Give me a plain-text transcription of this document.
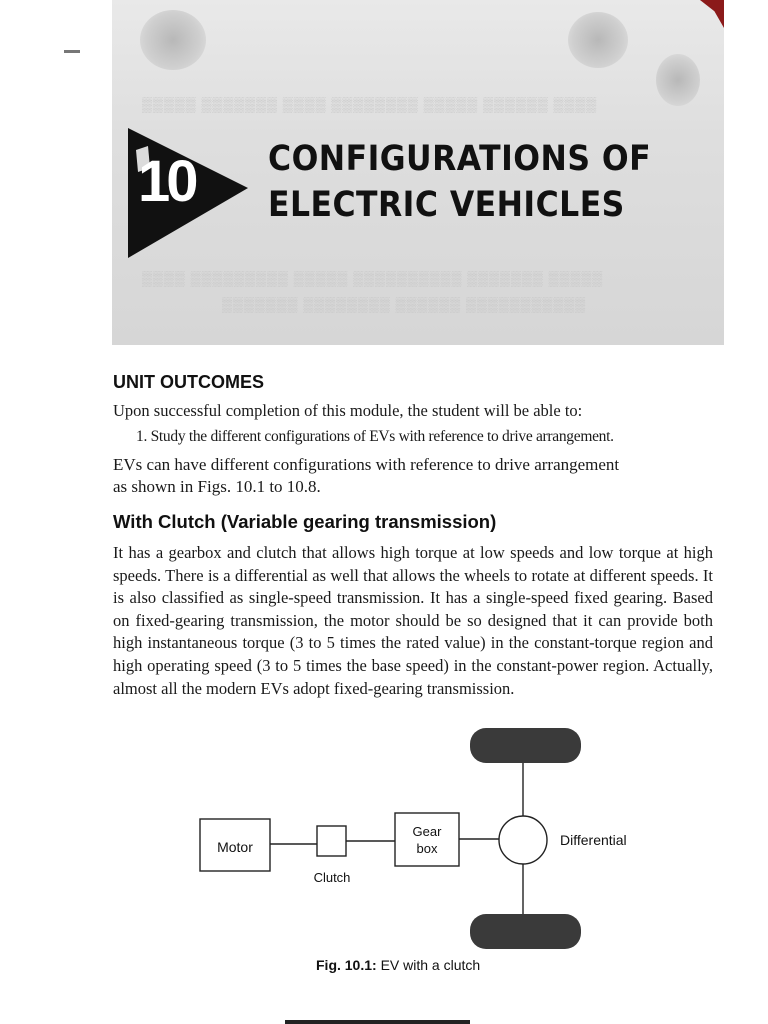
▒▒▒▒▒ ▒▒▒▒▒▒▒ ▒▒▒▒ ▒▒▒▒▒▒▒▒ ▒▒▒▒▒ ▒▒▒▒▒▒ ▒▒▒▒
▒▒▒▒ ▒▒▒▒▒▒▒▒▒ ▒▒▒▒▒ ▒▒▒▒▒▒▒▒▒▒ ▒▒▒▒▒▒▒ ▒▒▒▒▒
▒▒▒▒▒▒▒ ▒▒▒▒▒▒▒▒ ▒▒▒▒▒▒ ▒▒▒▒▒▒▒▒▒▒▒
10 CONFIGURATIONS OF
ELECTRIC VEHICLES
UNIT OUTCOMES
Upon successful completion of this module, the student will be able to:
1. Study the different configurations of EVs with reference to drive arrangement.
EVs can have different configurations with reference to drive arrangement
as shown in Figs. 10.1 to 10.8.
With Clutch (Variable gearing transmission)
It has a gearbox and clutch that allows high torque at low speeds and low torque at high speeds. There is a differential as well that allows the wheels to rotate at different speeds. It is also classified as single-speed transmission. It has a single-speed fixed gearing. Based on fixed-gearing transmission, the motor should be so designed that it can provide both high instantaneous torque (3 to 5 times the rated value) in the constant-torque region and high operating speed (3 to 5 times the base speed) in the constant-power region. Actually, almost all the modern EVs adopt fixed-gearing transmission.
Motor
Clutch
Gear
box
Differential
Fig. 10.1: EV with a clutch
